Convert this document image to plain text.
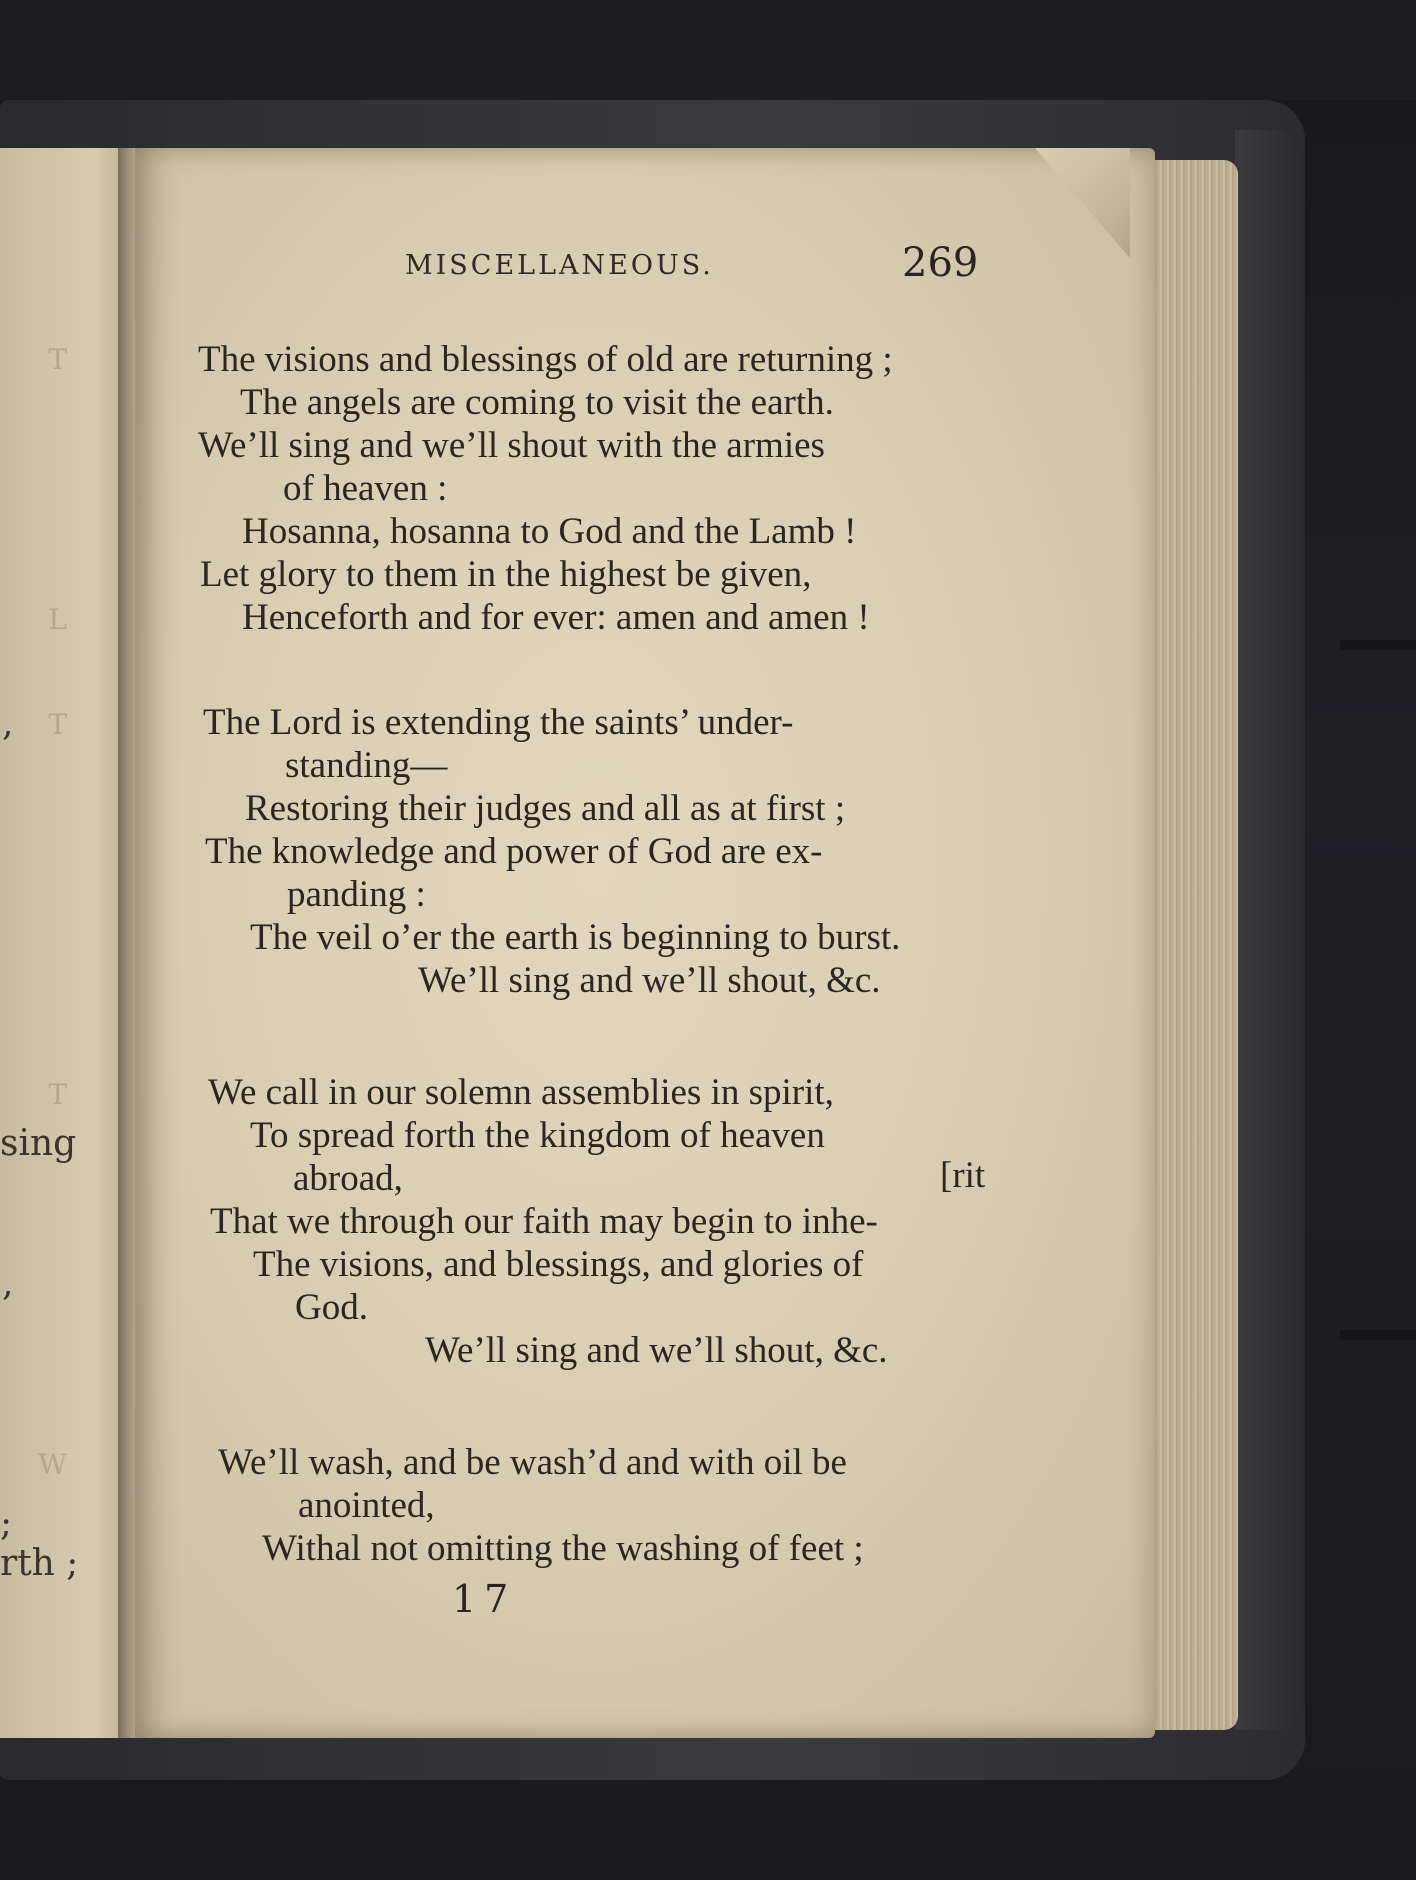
T
L
T
T
W
,
sing
,
;
rth ;
MISCELLANEOUS.	269
The visions and blessings of old are returning ;
The angels are coming to visit the earth.
We’ll sing and we’ll shout with the armies
of heaven :
Hosanna, hosanna to God and the Lamb !
Let glory to them in the highest be given,
Henceforth and for ever: amen and amen !
The Lord is extending the saints’ under-
standing—
Restoring their judges and all as at first ;
The knowledge and power of God are ex-
panding :
The veil o’er the earth is beginning to burst.
We’ll sing and we’ll shout, &c.
We call in our solemn assemblies in spirit,
To spread forth the kingdom of heaven
abroad,	[rit
That we through our faith may begin to inhe-
The visions, and blessings, and glories of
God.
We’ll sing and we’ll shout, &c.
We’ll wash, and be wash’d and with oil be
anointed,
Withal not omitting the washing of feet ;
17
